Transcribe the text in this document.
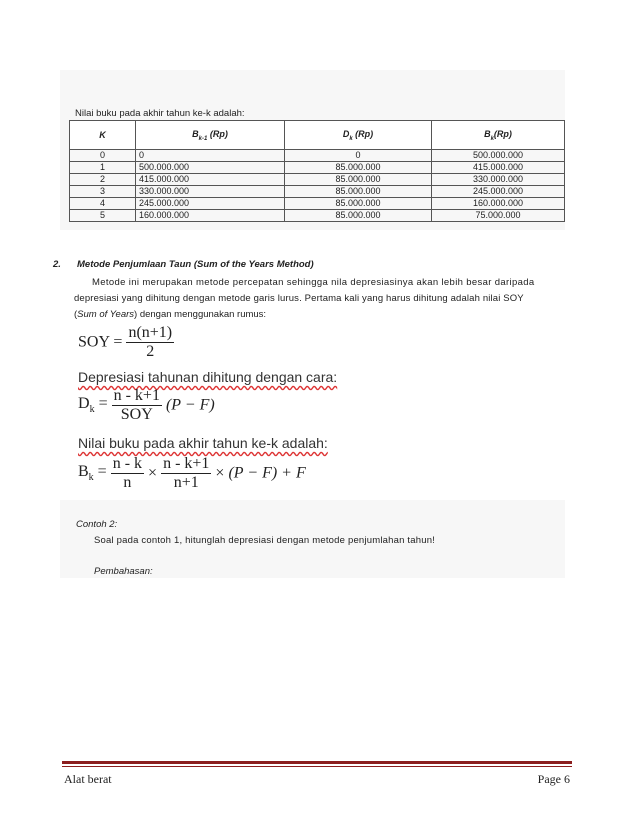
Nilai buku pada akhir tahun ke-k adalah:
K	$B_{k-1}$ (Rp)	$D_k$ (Rp)	$B_k(Rp)$
0	0	0	500.000.000
1	500.000.000	85.000.000	415.000.000
2	415.000.000	85.000.000	330.000.000
3	330.000.000	85.000.000	245.000.000
4	245.000.000	85.000.000	160.000.000
5	160.000.000	85.000.000	75.000.000
2. Metode Penjumlaan Taun (Sum of the Years Method)
Metode ini merupakan metode percepatan sehingga nila depresiasinya akan lebih besar daripada
depresiasi yang dihitung dengan metode garis lurus. Pertama kali yang harus dihitung adalah nilai SOY
(Sum of Years) dengan menggunakan rumus:
SOY = $\frac{n(n+1)}{2}$
Depresiasi tahunan dihitung dengan cara:
$D_k = \frac{n - k+1}{\text{SOY}} (P - F)$
Nilai buku pada akhir tahun ke-k adalah:
$B_k = \frac{n - k}{n} \times \frac{n - k+1}{n+1} \times (P - F) + F$
Contoh 2:
Soal pada contoh 1, hitunglah depresiasi dengan metode penjumlahan tahun!
Pembahasan:
Alat berat	Page 6
